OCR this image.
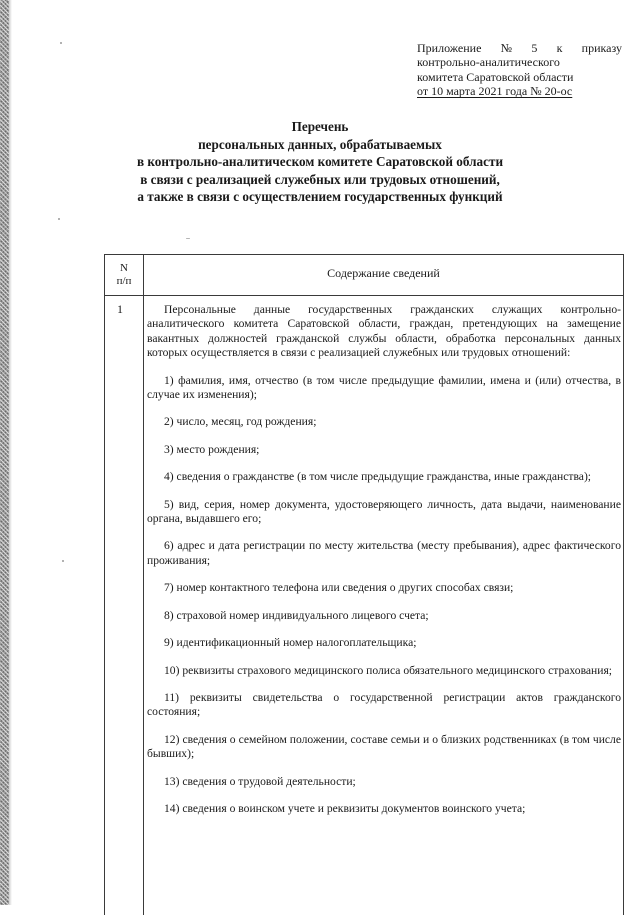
Приложение № 5 к приказу
контрольно-аналитического
комитета Саратовской области
от 10 марта 2021 года № 20-ос
Перечень
персональных данных, обрабатываемых
в контрольно-аналитическом комитете Саратовской области
в связи с реализацией служебных или трудовых отношений,
а также в связи с осуществлением государственных функций
N
п/п
Содержание сведений
1	Персональные данные государственных гражданских служащих контрольно-аналитического комитета Саратовской области, граждан, претендующих на замещение вакантных должностей гражданской службы области, обработка персональных данных которых осуществляется в связи с реализацией служебных или трудовых отношений:

1) фамилия, имя, отчество (в том числе предыдущие фамилии, имена и (или) отчества, в случае их изменения);

2) число, месяц, год рождения;

3) место рождения;

4) сведения о гражданстве (в том числе предыдущие гражданства, иные гражданства);

5) вид, серия, номер документа, удостоверяющего личность, дата выдачи, наименование органа, выдавшего его;

6) адрес и дата регистрации по месту жительства (месту пребывания), адрес фактического проживания;

7) номер контактного телефона или сведения о других способах связи;

8) страховой номер индивидуального лицевого счета;

9) идентификационный номер налогоплательщика;

10) реквизиты страхового медицинского полиса обязательного медицинского страхования;

11) реквизиты свидетельства о государственной регистрации актов гражданского состояния;

12) сведения о семейном положении, составе семьи и о близких родственниках (в том числе бывших);

13) сведения о трудовой деятельности;

14) сведения о воинском учете и реквизиты документов воинского учета;
